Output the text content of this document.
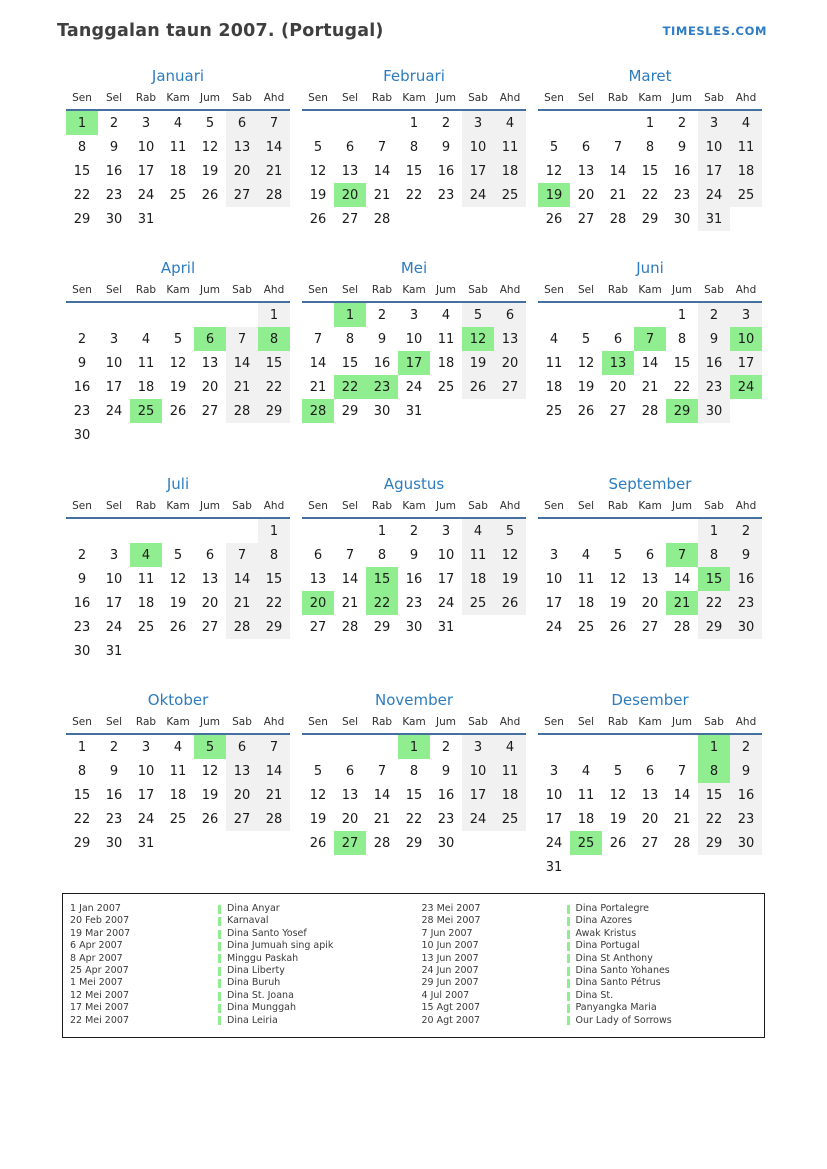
Tanggalan taun 2007. (Portugal)	TIMESLES.COM
Januari
Sen	Sel	Rab	Kam	Jum	Sab	Ahd
1	2	3	4	5	6	7
8	9	10	11	12	13	14
15	16	17	18	19	20	21
22	23	24	25	26	27	28
29	30	31				
Februari
Sen	Sel	Rab	Kam	Jum	Sab	Ahd
			1	2	3	4
5	6	7	8	9	10	11
12	13	14	15	16	17	18
19	20	21	22	23	24	25
26	27	28				
Maret
Sen	Sel	Rab	Kam	Jum	Sab	Ahd
			1	2	3	4
5	6	7	8	9	10	11
12	13	14	15	16	17	18
19	20	21	22	23	24	25
26	27	28	29	30	31	
April
Sen	Sel	Rab	Kam	Jum	Sab	Ahd
						1
2	3	4	5	6	7	8
9	10	11	12	13	14	15
16	17	18	19	20	21	22
23	24	25	26	27	28	29
30						
Mei
Sen	Sel	Rab	Kam	Jum	Sab	Ahd
	1	2	3	4	5	6
7	8	9	10	11	12	13
14	15	16	17	18	19	20
21	22	23	24	25	26	27
28	29	30	31			
Juni
Sen	Sel	Rab	Kam	Jum	Sab	Ahd
				1	2	3
4	5	6	7	8	9	10
11	12	13	14	15	16	17
18	19	20	21	22	23	24
25	26	27	28	29	30	
Juli
Sen	Sel	Rab	Kam	Jum	Sab	Ahd
						1
2	3	4	5	6	7	8
9	10	11	12	13	14	15
16	17	18	19	20	21	22
23	24	25	26	27	28	29
30	31					
Agustus
Sen	Sel	Rab	Kam	Jum	Sab	Ahd
		1	2	3	4	5
6	7	8	9	10	11	12
13	14	15	16	17	18	19
20	21	22	23	24	25	26
27	28	29	30	31		
September
Sen	Sel	Rab	Kam	Jum	Sab	Ahd
					1	2
3	4	5	6	7	8	9
10	11	12	13	14	15	16
17	18	19	20	21	22	23
24	25	26	27	28	29	30
Oktober
Sen	Sel	Rab	Kam	Jum	Sab	Ahd
1	2	3	4	5	6	7
8	9	10	11	12	13	14
15	16	17	18	19	20	21
22	23	24	25	26	27	28
29	30	31				
November
Sen	Sel	Rab	Kam	Jum	Sab	Ahd
			1	2	3	4
5	6	7	8	9	10	11
12	13	14	15	16	17	18
19	20	21	22	23	24	25
26	27	28	29	30		
Desember
Sen	Sel	Rab	Kam	Jum	Sab	Ahd
					1	2
3	4	5	6	7	8	9
10	11	12	13	14	15	16
17	18	19	20	21	22	23
24	25	26	27	28	29	30
31						
1 Jan 2007	Dina Anyar
20 Feb 2007	Karnaval
19 Mar 2007	Dina Santo Yosef
6 Apr 2007	Dina Jumuah sing apik
8 Apr 2007	Minggu Paskah
25 Apr 2007	Dina Liberty
1 Mei 2007	Dina Buruh
12 Mei 2007	Dina St. Joana
17 Mei 2007	Dina Munggah
22 Mei 2007	Dina Leiria
23 Mei 2007	Dina Portalegre
28 Mei 2007	Dina Azores
7 Jun 2007	Awak Kristus
10 Jun 2007	Dina Portugal
13 Jun 2007	Dina St Anthony
24 Jun 2007	Dina Santo Yohanes
29 Jun 2007	Dina Santo Pétrus
4 Jul 2007	Dina St.
15 Agt 2007	Panyangka Maria
20 Agt 2007	Our Lady of Sorrows
